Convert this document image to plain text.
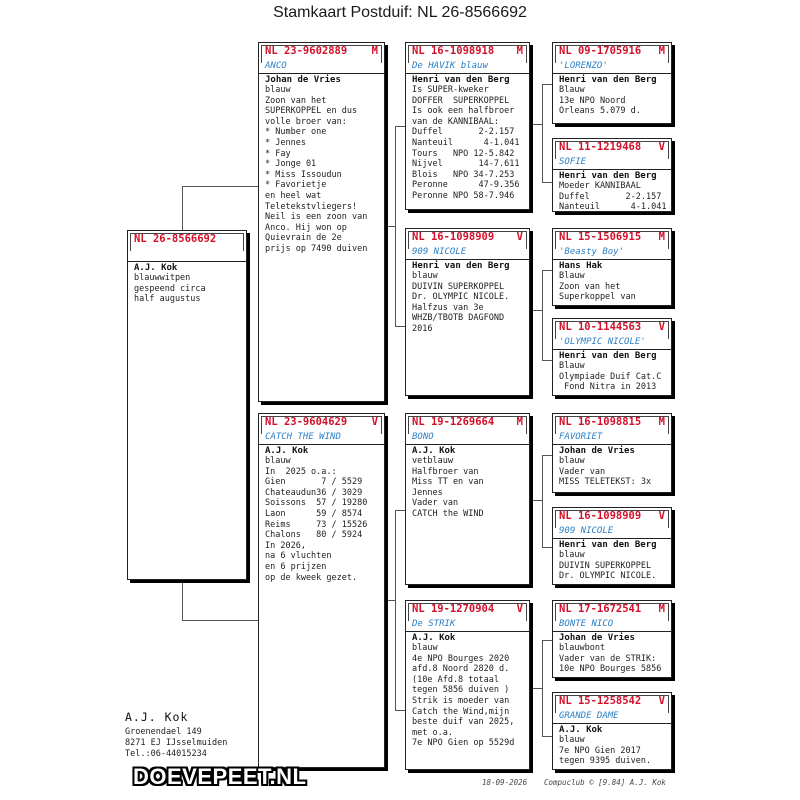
Stamkaart Postduif: NL 26-8566692
NL 26-8566692
A.J. Kok
blauwwitpen
gespeend circa
half augustus
NL 23-9602889 M
ANCO
Johan de Vries
blauw
Zoon van het
SUPERKOPPEL en dus
volle broer van:
* Number one
* Jennes
* Fay
* Jonge 01
* Miss Issoudun
* Favorietje
en heel wat
Teletekstvliegers!
Neil is een zoon van
Anco. Hij won op
Quievrain de 2e
prijs op 7490 duiven
NL 23-9604629 V
CATCH THE WIND
A.J. Kok
blauw
In  2025 o.a.:
Gien       7 / 5529
Chateaudun36 / 3029
Soissons  57 / 19280
Laon      59 / 8574
Reims     73 / 15526
Chalons   80 / 5924
In 2026,
na 6 vluchten
en 6 prijzen
op de kweek gezet.
NL 16-1098918 M
De HAVIK blauw
Henri van den Berg
Is SUPER-kweker
DOFFER  SUPERKOPPEL
Is ook een halfbroer
van de KANNIBAAL:
Duffel       2-2.157
Nanteuil      4-1.041
Tours   NPO 12-5.842
Nijvel       14-7.611
Blois   NPO 34-7.253
Peronne      47-9.356
Peronne NPO 58-7.946
NL 16-1098909 V
909 NICOLE
Henri van den Berg
blauw
DUIVIN SUPERKOPPEL
Dr. OLYMPIC NICOLE.
Halfzus van 3e
WHZB/TBOTB DAGFOND
2016
NL 19-1269664 M
BONO
A.J. Kok
vetblauw
Halfbroer van
Miss TT en van
Jennes
Vader van
CATCH the WIND
NL 19-1270904 V
De STRIK
A.J. Kok
blauw
4e NPO Bourges 2020
afd.8 Noord 2820 d.
(10e Afd.8 totaal
tegen 5856 duiven )
Strik is moeder van
Catch the Wind,mijn
beste duif van 2025,
met o.a.
7e NPO Gien op 5529d
NL 09-1705916 M
'LORENZO'
Henri van den Berg
Blauw
13e NPO Noord
Orleans 5.079 d.
NL 11-1219468 V
SOFIE
Henri van den Berg
Moeder KANNIBAAL
Duffel       2-2.157
Nanteuil      4-1.041
NL 15-1506915 M
'Beasty Boy'
Hans Hak
Blauw
Zoon van het
Superkoppel van
NL 10-1144563 V
'OLYMPIC NICOLE'
Henri van den Berg
Blauw
Olympiade Duif Cat.C
Fond Nitra in 2013
NL 16-1098815 M
FAVORIET
Johan de Vries
blauw
Vader van
MISS TELETEKST: 3x
NL 16-1098909 V
909 NICOLE
Henri van den Berg
blauw
DUIVIN SUPERKOPPEL
Dr. OLYMPIC NICOLE.
NL 17-1672541 M
BONTE NICO
Johan de Vries
blauwbont
Vader van de STRIK:
10e NPO Bourges 5856
NL 15-1258542 V
GRANDE DAME
A.J. Kok
blauw
7e NPO Gien 2017
tegen 9395 duiven.
A.J. Kok
Groenendael 149
8271 EJ IJsselmuiden
Tel.:06-44015234
DOEVEPEET.NL	18-09-2026 Compuclub © [9.84] A.J. Kok
